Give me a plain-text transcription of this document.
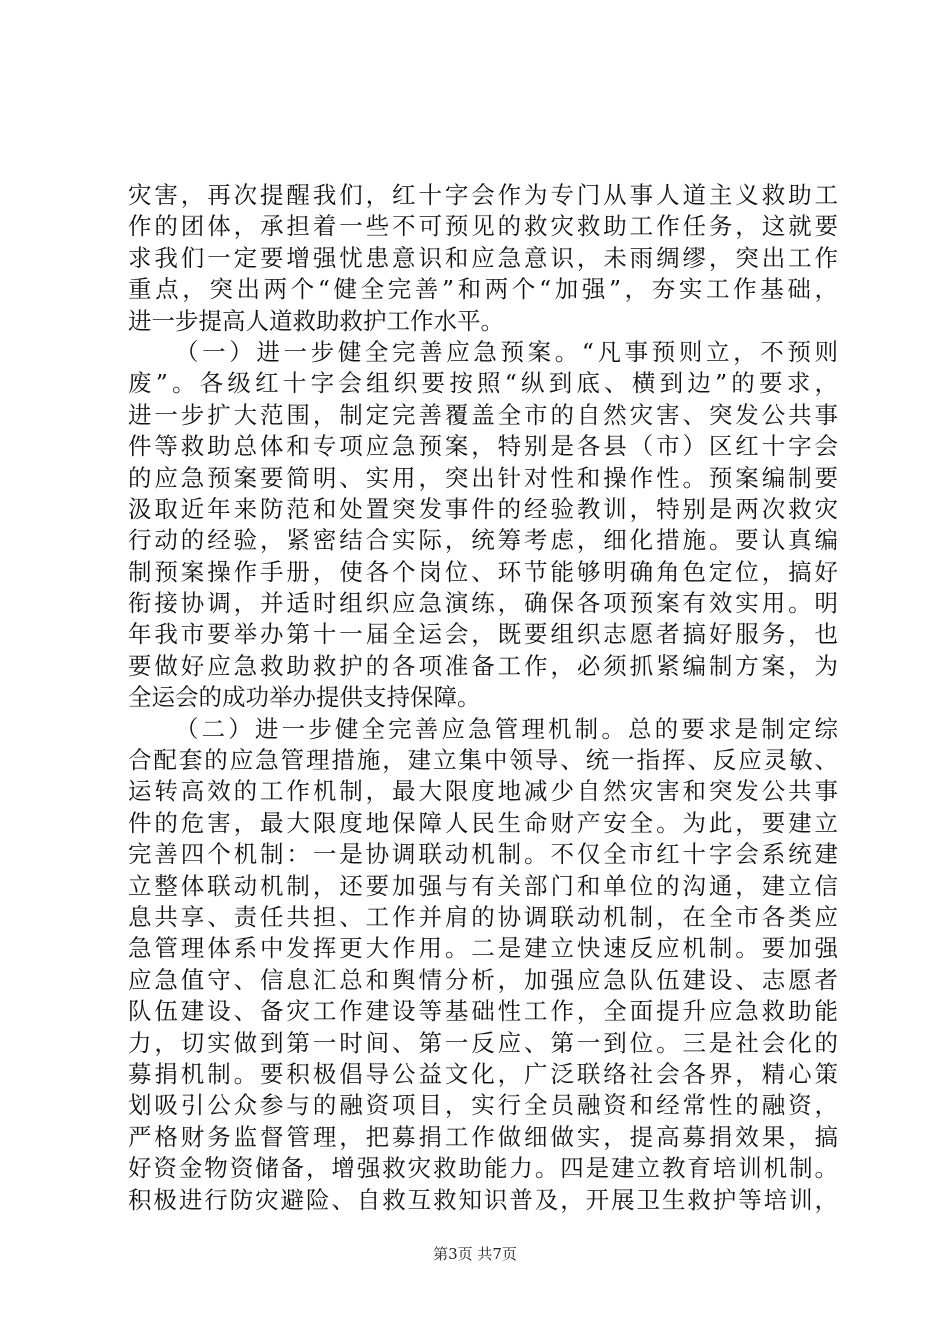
灾害，再次提醒我们，红十字会作为专门从事人道主义救助工
作的团体，承担着一些不可预见的救灾救助工作任务，这就要
求我们一定要增强忧患意识和应急意识，未雨绸缪，突出工作
重点，突出两个“健全完善”和两个“加强”，夯实工作基础，
进一步提高人道救助救护工作水平。
（一）进一步健全完善应急预案。“凡事预则立，不预则
废”。各级红十字会组织要按照“纵到底、横到边”的要求，
进一步扩大范围，制定完善覆盖全市的自然灾害、突发公共事
件等救助总体和专项应急预案，特别是各县（市）区红十字会
的应急预案要简明、实用，突出针对性和操作性。预案编制要
汲取近年来防范和处置突发事件的经验教训，特别是两次救灾
行动的经验，紧密结合实际，统筹考虑，细化措施。要认真编
制预案操作手册，使各个岗位、环节能够明确角色定位，搞好
衔接协调，并适时组织应急演练，确保各项预案有效实用。明
年我市要举办第十一届全运会，既要组织志愿者搞好服务，也
要做好应急救助救护的各项准备工作，必须抓紧编制方案，为
全运会的成功举办提供支持保障。
（二）进一步健全完善应急管理机制。总的要求是制定综
合配套的应急管理措施，建立集中领导、统一指挥、反应灵敏、
运转高效的工作机制，最大限度地减少自然灾害和突发公共事
件的危害，最大限度地保障人民生命财产安全。为此，要建立
完善四个机制：一是协调联动机制。不仅全市红十字会系统建
立整体联动机制，还要加强与有关部门和单位的沟通，建立信
息共享、责任共担、工作并肩的协调联动机制，在全市各类应
急管理体系中发挥更大作用。二是建立快速反应机制。要加强
应急值守、信息汇总和舆情分析，加强应急队伍建设、志愿者
队伍建设、备灾工作建设等基础性工作，全面提升应急救助能
力，切实做到第一时间、第一反应、第一到位。三是社会化的
募捐机制。要积极倡导公益文化，广泛联络社会各界，精心策
划吸引公众参与的融资项目，实行全员融资和经常性的融资，
严格财务监督管理，把募捐工作做细做实，提高募捐效果，搞
好资金物资储备，增强救灾救助能力。四是建立教育培训机制。
积极进行防灾避险、自救互救知识普及，开展卫生救护等培训，
第3页 共7页
